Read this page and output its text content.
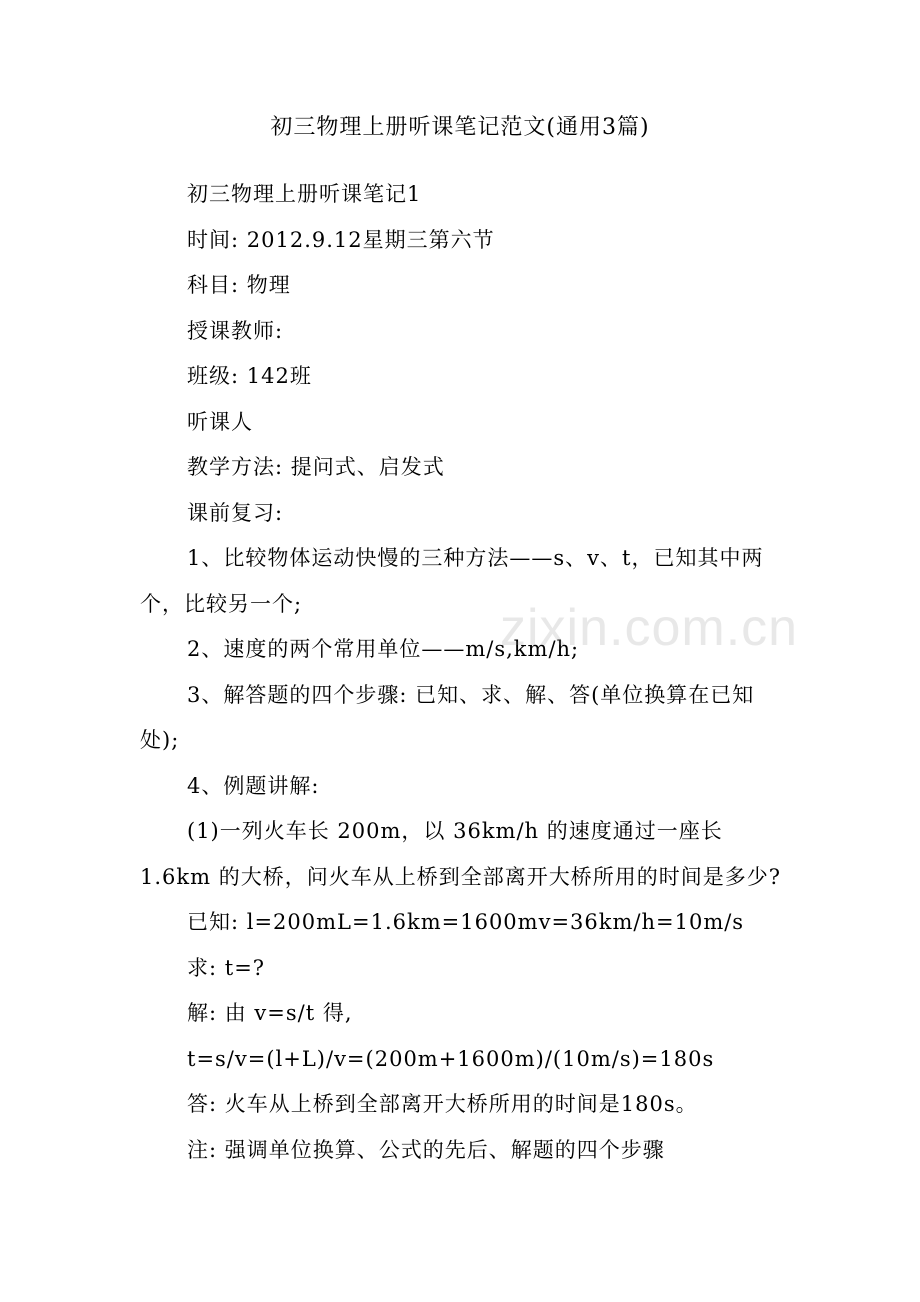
初三物理上册听课笔记范文(通用3篇)

初三物理上册听课笔记1

时间: 2012.9.12星期三第六节

科目: 物理

授课教师:

班级: 142班

听课人

教学方法: 提问式、启发式

课前复习:

1、比较物体运动快慢的三种方法——s、v、t，已知其中两个，比较另一个;

2、速度的两个常用单位——m/s,km/h;

3、解答题的四个步骤: 已知、求、解、答(单位换算在已知处);

4、例题讲解:

(1)一列火车长 200m，以 36km/h 的速度通过一座长 1.6km 的大桥，问火车从上桥到全部离开大桥所用的时间是多少?

已知: l=200mL=1.6km=1600mv=36km/h=10m/s

求: t=?

解: 由 v=s/t 得,

t=s/v=(l+L)/v=(200m+1600m)/(10m/s)=180s

答: 火车从上桥到全部离开大桥所用的时间是180s。

注: 强调单位换算、公式的先后、解题的四个步骤

zixin.com.cn
